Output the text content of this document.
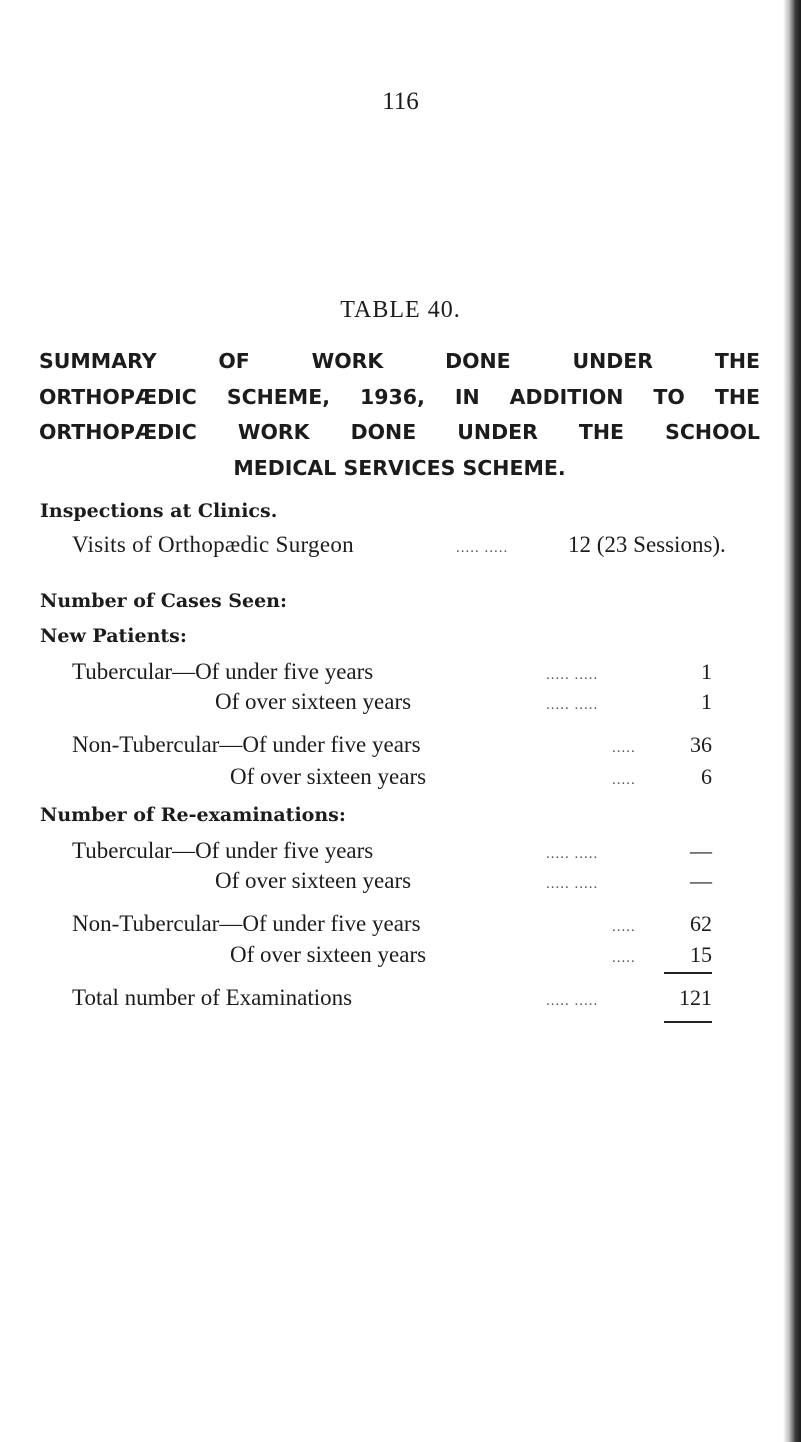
116
TABLE 40.
SUMMARY OF WORK DONE UNDER THE
ORTHOPÆDIC SCHEME, 1936, IN ADDITION TO THE
ORTHOPÆDIC WORK DONE UNDER THE SCHOOL
MEDICAL SERVICES SCHEME.
Inspections at Clinics.
Visits of Orthopædic Surgeon	..... .....	12 (23 Sessions).
Number of Cases Seen:
New Patients:
Tubercular—Of under five years	..... .....	1
Of over sixteen years	..... .....	1
Non-Tubercular—Of under five years	.....	36
Of over sixteen years	.....	6
Number of Re-examinations:
Tubercular—Of under five years	..... .....	—
Of over sixteen years	..... .....	—
Non-Tubercular—Of under five years	.....	62
Of over sixteen years	.....	15
Total number of Examinations	..... .....	121
